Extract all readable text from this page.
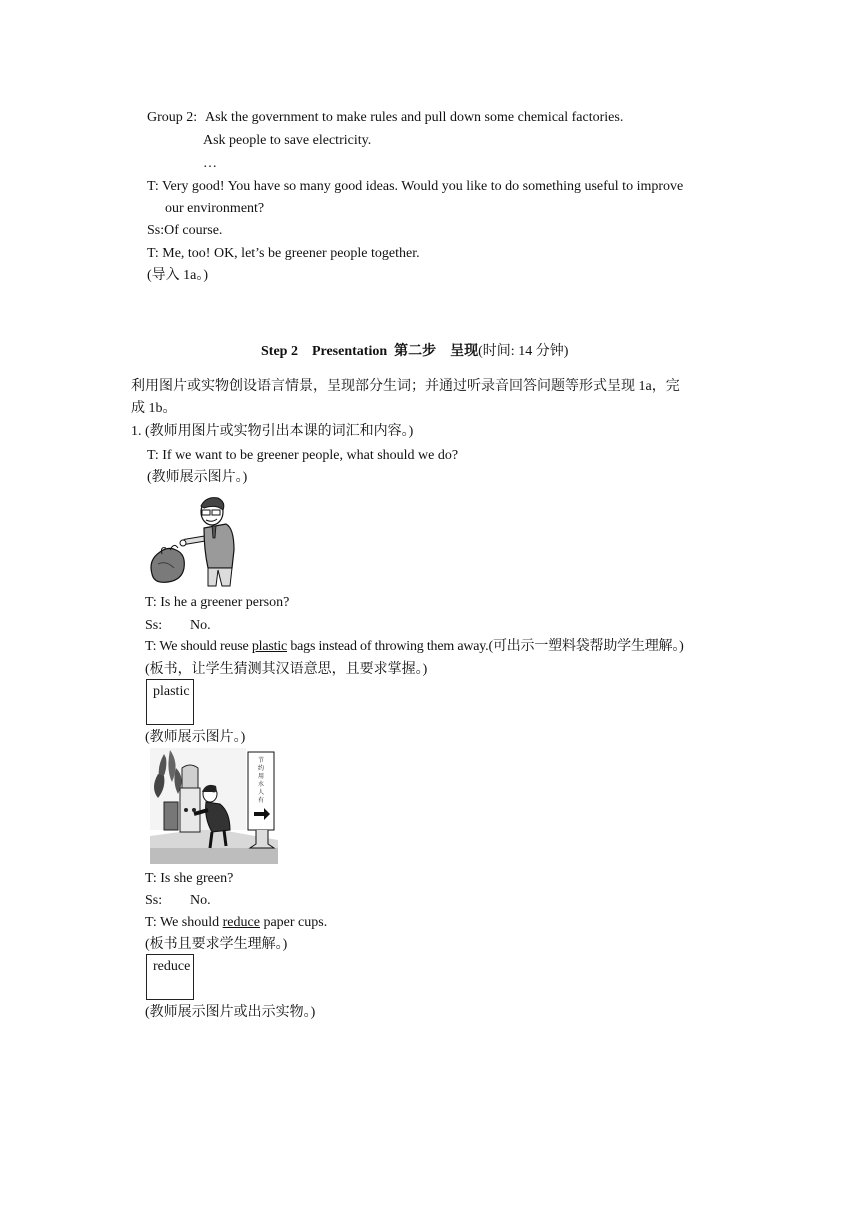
Group 2: Ask the government to make rules and pull down some chemical factories.
Ask people to save electricity.
…
T: Very good! You have so many good ideas. Would you like to do something useful to improve
our environment?
Ss:Of course.
T: Me, too! OK, let’s be greener people together.
(导入 1a。)
Step 2 Presentation 第二步　呈现(时间: 14 分钟)
利用图片或实物创设语言情景，呈现部分生词；并通过听录音回答问题等形式呈现 1a，完
成 1b。
1. (教师用图片或实物引出本课的词汇和内容。)
T: If we want to be greener people, what should we do?
(教师展示图片。)
T: Is he a greener person?
Ss: No.
T: We should reuse plastic bags instead of throwing them away.(可出示一塑料袋帮助学生理解。)
(板书，让学生猜测其汉语意思，且要求掌握。)
plastic
(教师展示图片。)
节
约
用
水
人
有
T: Is she green?
Ss: No.
T: We should reduce paper cups.
(板书且要求学生理解。)
reduce
(教师展示图片或出示实物。)
